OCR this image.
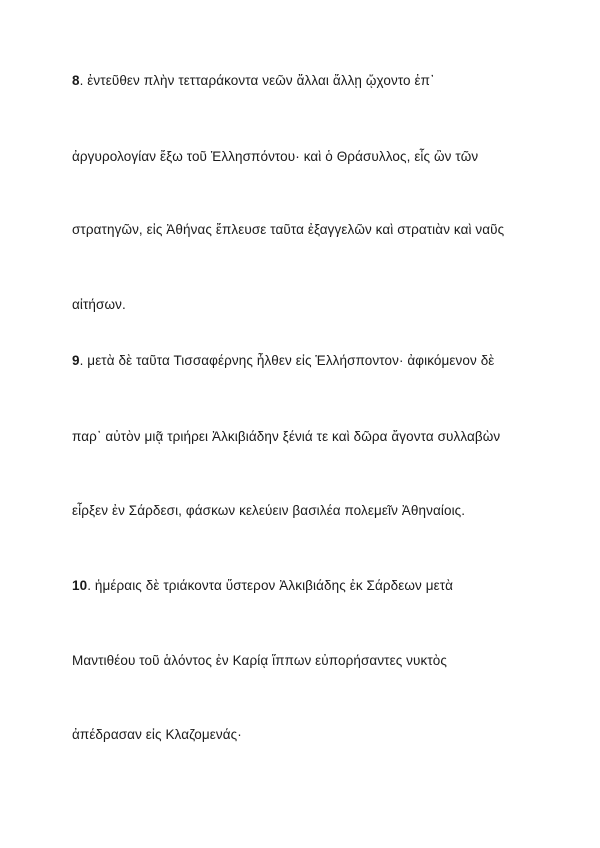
8. ἐντεῦθεν πλὴν τετταράκοντα νεῶν ἄλλαι ἄλλῃ ᾤχοντο ἐπ᾽
ἀργυρολογίαν ἔξω τοῦ Ἑλλησπόντου· καὶ ὁ Θράσυλλος, εἷς ὢν τῶν
στρατηγῶν, εἰς Ἀθήνας ἔπλευσε ταῦτα ἐξαγγελῶν καὶ στρατιὰν καὶ ναῦς
αἰτήσων.
9. μετὰ δὲ ταῦτα Τισσαφέρνης ἦλθεν εἰς Ἑλλήσποντον· ἀφικόμενον δὲ
παρ᾽ αὐτὸν μιᾷ τριήρει Ἀλκιβιάδην ξένιά τε καὶ δῶρα ἄγοντα συλλαβὼν
εἷρξεν ἐν Σάρδεσι, φάσκων κελεύειν βασιλέα πολεμεῖν Ἀθηναίοις.
10. ἡμέραις δὲ τριάκοντα ὕστερον Ἀλκιβιάδης ἐκ Σάρδεων μετὰ
Μαντιθέου τοῦ ἁλόντος ἐν Καρίᾳ ἵππων εὐπορήσαντες νυκτὸς
ἀπέδρασαν εἰς Κλαζομενάς·
